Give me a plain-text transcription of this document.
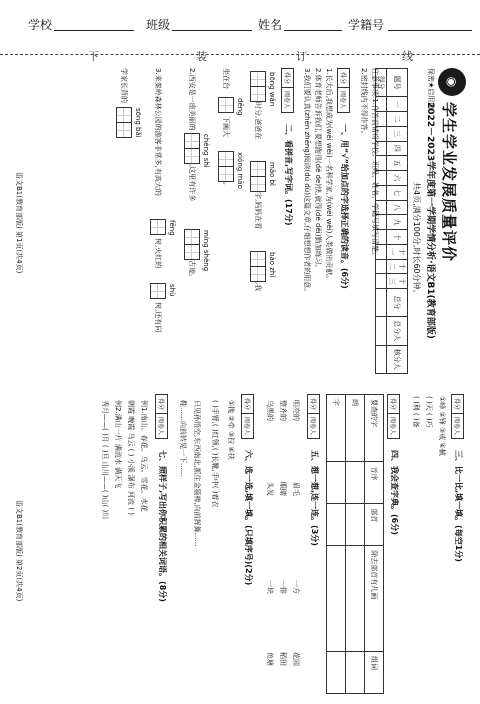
学校	班级	姓名	学籍号
下	装	订	线
◉
保密★启用前
学生学业发展质量评价
2022－2023学年度第一学期学情分析·语文B1(教育部版)
共4页,满分100分,时长60分钟。
题号	一	二	三	四	五	六	七	八	九	十	十一	十二	十三	总分	总分人	核分人
得分																
注意事项:1.作答前请将学校、班级、姓名、学籍号填写清楚。
2.密封线内不得作答。
得分
阅卷人
一、用“√”给加点的字选择正确的读音。(6分)
1.长大后,我想成为(wéi wèi)一名科学家,为(wéi wèi)人类做出贡献。
2.体育老师告诉我们,要想跑得(dé de)快,就得(dé děi)勤加练习。
3.我们要认真(zhēn zhēng)阅读(dú dù)这篇文章,仔细想想作者的用意。
得分
阅卷人
二、看拼音,写字词。(17分)
bōng wǎn
时分,爸爸在
mǎo bì
字,妈妈在看
bào zhǐ
,我
坐在台
dēng
下画大
xióng māo
。
2.西安是一座美丽的
chéng shì
,这里有许多
míng shèng
古迹。
3.来秦岭森林公园的游客非常多,有高大的
fēng
树,火红的
shù
树,还有同
学家长背的
sōng bǎi
语文B1(教育部版) 第1页(共4页)
得分
阅卷人
三、比一比,填一填。(每空1分)
①峰 ②锋 ③戒 ④械
( )天 ( )巧
( )利 ( )备
得分
阅卷人
四、我会查字典。(6分)
要查的字	音序	部首	除去部首有几画	组词
朗				
字				
得分
阅卷人
五、想一想,连一连。(3分)
明亮的
整齐的
乌黑的
眉毛
眼睛
头发
一方
一排
一块
花园
稻田
鱼塘
得分
阅卷人
六、选一选,填一填。(只填序号)(2分)
①挽 ②牵 ③拉 ④扶
( )手臂,( )红领,( )长靴,手中( )着衣
只见孙悟空,东西南北,抓住金箍棒,向前挥舞……
鞋……向前转晃一下……
得分
阅卷人
七、照样子,写出你积累的相关词语。(8分)
例1.南山、春花、乌云、雪花、水花
朝霞 晚霞 乌云 ( ) 小溪 瀑布 河流 ( )
例2.满山一片 满流水 满天飞
秀月——( )月 ( )旦 山川——( )山( )川
语文B1(教育部版) 第2页(共4页)
